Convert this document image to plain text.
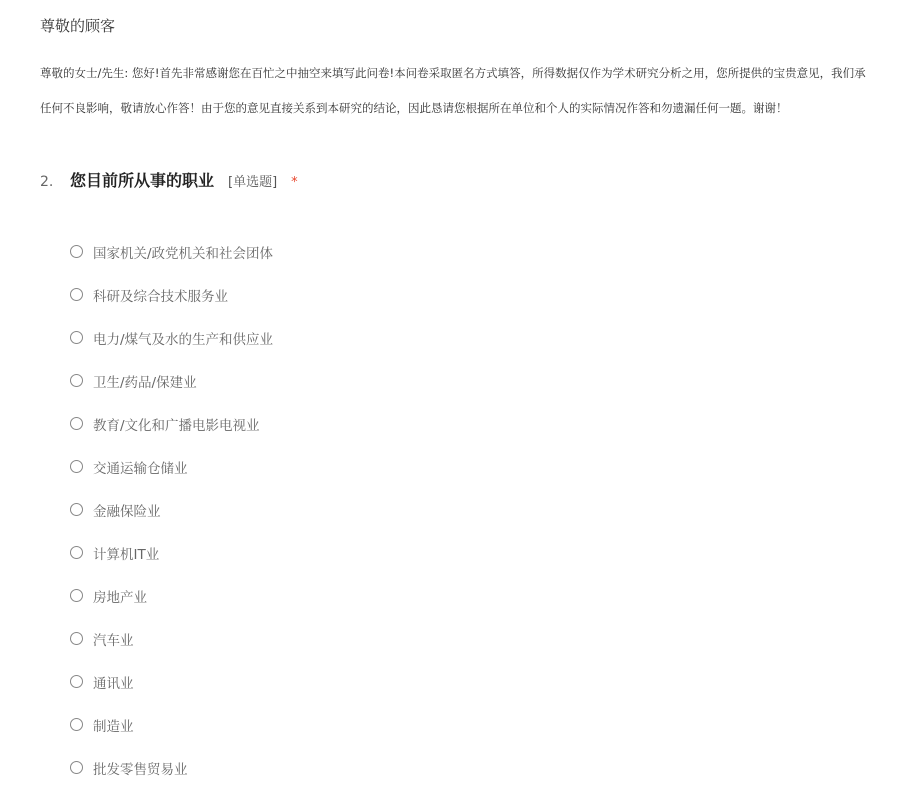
尊敬的顾客
尊敬的女士/先生: 您好!首先非常感谢您在百忙之中抽空来填写此问卷!本问卷采取匿名方式填答，所得数据仅作为学术研究分析之用，您所提供的宝贵意见，我们承
任何不良影响，敬请放心作答！由于您的意见直接关系到本研究的结论，因此恳请您根据所在单位和个人的实际情况作答和勿遗漏任何一题。谢谢！
2.	您目前所从事的职业 [单选题] *
国家机关/政党机关和社会团体
科研及综合技术服务业
电力/煤气及水的生产和供应业
卫生/药品/保建业
教育/文化和广播电影电视业
交通运输仓储业
金融保险业
计算机IT业
房地产业
汽车业
通讯业
制造业
批发零售贸易业
